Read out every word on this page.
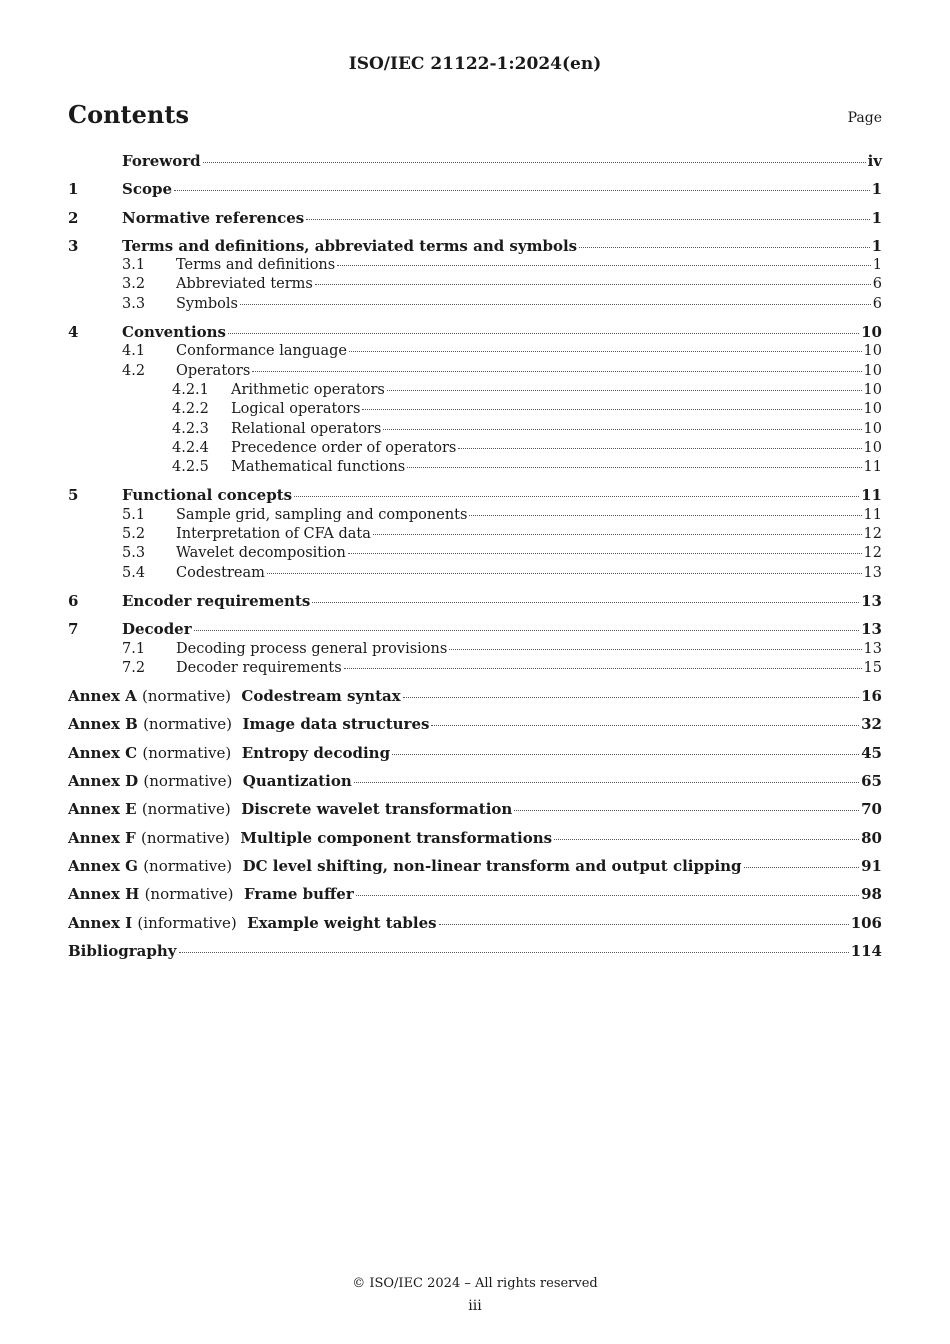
ISO/IEC 21122-1:2024(en)
Contents	Page
Foreword	iv
1	Scope	1
2	Normative references	1
3	Terms and definitions, abbreviated terms and symbols	1
3.1	Terms and definitions	1
3.2	Abbreviated terms	6
3.3	Symbols	6
4	Conventions	10
4.1	Conformance language	10
4.2	Operators	10
4.2.1	Arithmetic operators	10
4.2.2	Logical operators	10
4.2.3	Relational operators	10
4.2.4	Precedence order of operators	10
4.2.5	Mathematical functions	11
5	Functional concepts	11
5.1	Sample grid, sampling and components	11
5.2	Interpretation of CFA data	12
5.3	Wavelet decomposition	12
5.4	Codestream	13
6	Encoder requirements	13
7	Decoder	13
7.1	Decoding process general provisions	13
7.2	Decoder requirements	15
Annex A (normative) Codestream syntax	16
Annex B (normative) Image data structures	32
Annex C (normative) Entropy decoding	45
Annex D (normative) Quantization	65
Annex E (normative) Discrete wavelet transformation	70
Annex F (normative) Multiple component transformations	80
Annex G (normative) DC level shifting, non-linear transform and output clipping	91
Annex H (normative) Frame buffer	98
Annex I (informative) Example weight tables	106
Bibliography	114
© ISO/IEC 2024 – All rights reserved
iii
